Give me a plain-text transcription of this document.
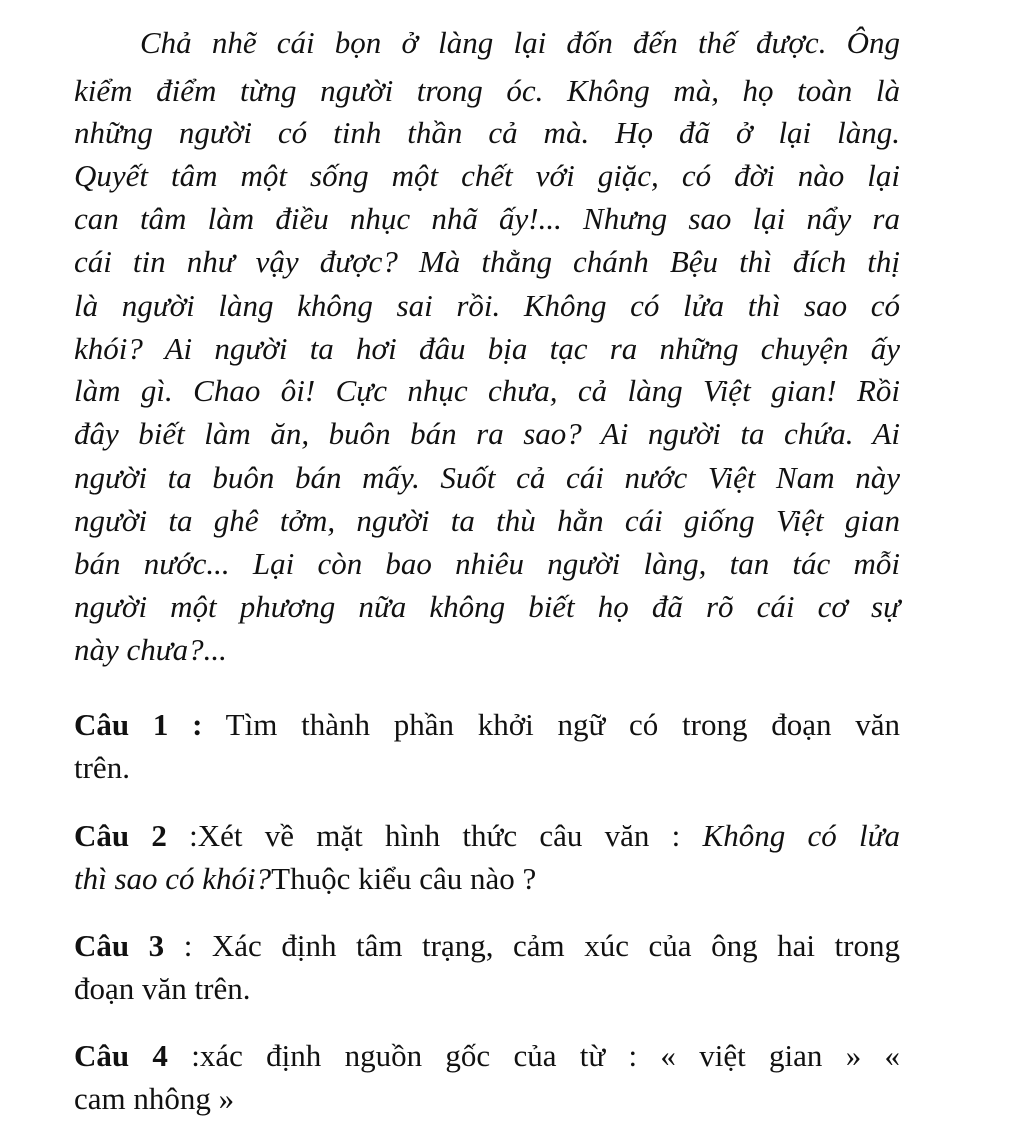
Chả nhẽ cái bọn ở làng lại đốn đến thế được. Ông
kiểm điểm từng người trong óc. Không mà, họ toàn là
những người có tinh thần cả mà. Họ đã ở lại làng.
Quyết tâm một sống một chết với giặc, có đời nào lại
can tâm làm điều nhục nhã ấy!... Nhưng sao lại nẩy ra
cái tin như vậy được? Mà thằng chánh Bệu thì đích thị
là người làng không sai rồi. Không có lửa thì sao có
khói? Ai người ta hơi đâu bịa tạc ra những chuyện ấy
làm gì. Chao ôi! Cực nhục chưa, cả làng Việt gian! Rồi
đây biết làm ăn, buôn bán ra sao? Ai người ta chứa. Ai
người ta buôn bán mấy. Suốt cả cái nước Việt Nam này
người ta ghê tởm, người ta thù hằn cái giống Việt gian
bán nước... Lại còn bao nhiêu người làng, tan tác mỗi
người một phương nữa không biết họ đã rõ cái cơ sự
này chưa?...
Câu 1 : Tìm thành phần khởi ngữ có trong đoạn văn
trên.
Câu 2 :Xét về mặt hình thức câu văn : Không có lửa
thì sao có khói?Thuộc kiểu câu nào ?
Câu 3 : Xác định tâm trạng, cảm xúc của ông hai trong
đoạn văn trên.
Câu 4 :xác định nguồn gốc của từ : « việt gian » «
cam nhông »
